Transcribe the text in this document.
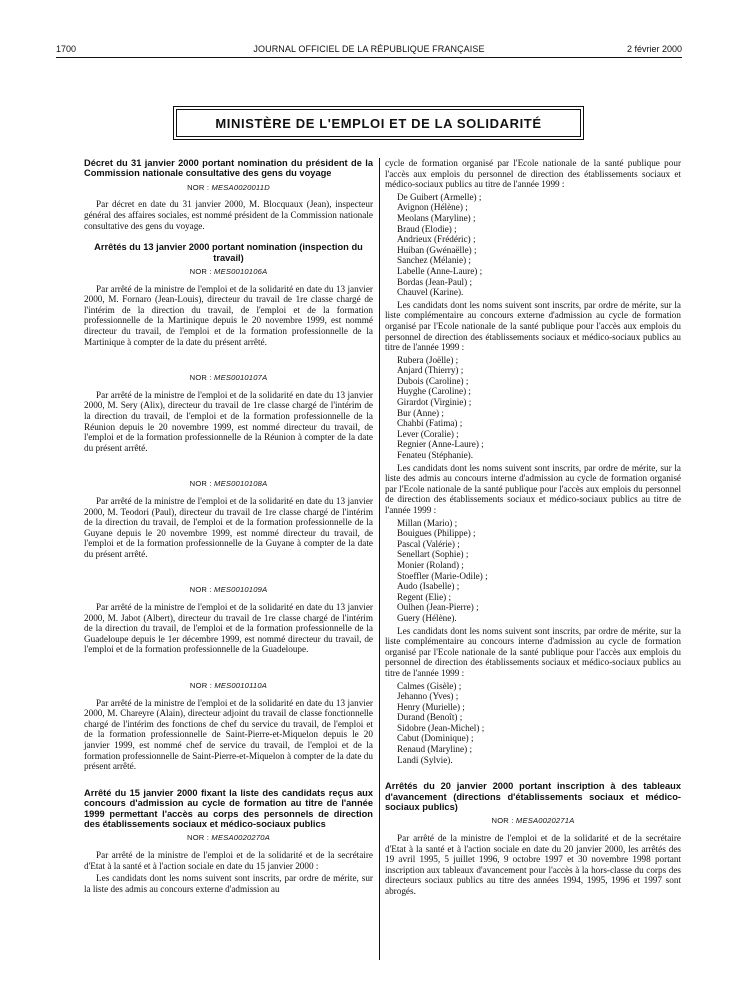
1700	JOURNAL OFFICIEL DE LA RÉPUBLIQUE FRANÇAISE	2 février 2000
MINISTÈRE DE L'EMPLOI ET DE LA SOLIDARITÉ
Décret du 31 janvier 2000 portant nomination du président de la Commission nationale consultative des gens du voyage
NOR : MESA0020011D

Par décret en date du 31 janvier 2000, M. Blocquaux (Jean), inspecteur général des affaires sociales, est nommé président de la Commission nationale consultative des gens du voyage.

Arrêtés du 13 janvier 2000 portant nomination (inspection du travail)
NOR : MES0010106A

Par arrêté de la ministre de l'emploi et de la solidarité en date du 13 janvier 2000, M. Fornaro (Jean-Louis), directeur du travail de 1re classe chargé de l'intérim de la direction du travail, de l'emploi et de la formation professionnelle de la Martinique depuis le 20 novembre 1999, est nommé directeur du travail, de l'emploi et de la formation professionnelle de la Martinique à compter de la date du présent arrêté.

NOR : MES0010107A

Par arrêté de la ministre de l'emploi et de la solidarité en date du 13 janvier 2000, M. Sery (Alix), directeur du travail de 1re classe chargé de l'intérim de la direction du travail, de l'emploi et de la formation professionnelle de la Réunion depuis le 20 novembre 1999, est nommé directeur du travail, de l'emploi et de la formation professionnelle de la Réunion à compter de la date du présent arrêté.

NOR : MES0010108A

Par arrêté de la ministre de l'emploi et de la solidarité en date du 13 janvier 2000, M. Teodori (Paul), directeur du travail de 1re classe chargé de l'intérim de la direction du travail, de l'emploi et de la formation professionnelle de la Guyane depuis le 20 novembre 1999, est nommé directeur du travail, de l'emploi et de la formation professionnelle de la Guyane à compter de la date du présent arrêté.

NOR : MES0010109A

Par arrêté de la ministre de l'emploi et de la solidarité en date du 13 janvier 2000, M. Jabot (Albert), directeur du travail de 1re classe chargé de l'intérim de la direction du travail, de l'emploi et de la formation professionnelle de la Guadeloupe depuis le 1er décembre 1999, est nommé directeur du travail, de l'emploi et de la formation professionnelle de la Guadeloupe.

NOR : MES0010110A

Par arrêté de la ministre de l'emploi et de la solidarité en date du 13 janvier 2000, M. Chareyre (Alain), directeur adjoint du travail de classe fonctionnelle chargé de l'intérim des fonctions de chef du service du travail, de l'emploi et de la formation professionnelle de Saint-Pierre-et-Miquelon depuis le 20 janvier 1999, est nommé chef de service du travail, de l'emploi et de la formation professionnelle de Saint-Pierre-et-Miquelon à compter de la date du présent arrêté.

Arrêté du 15 janvier 2000 fixant la liste des candidats reçus aux concours d'admission au cycle de formation au titre de l'année 1999 permettant l'accès au corps des personnels de direction des établissements sociaux et médico-sociaux publics
NOR : MESA0020270A

Par arrêté de la ministre de l'emploi et de la solidarité et de la secrétaire d'Etat à la santé et à l'action sociale en date du 15 janvier 2000 :

Les candidats dont les noms suivent sont inscrits, par ordre de mérite, sur la liste des admis au concours externe d'admission au

cycle de formation organisé par l'Ecole nationale de la santé publique pour l'accès aux emplois du personnel de direction des établissements sociaux et médico-sociaux publics au titre de l'année 1999 :

De Guibert (Armelle) ;
Avignon (Hélène) ;
Meolans (Maryline) ;
Braud (Elodie) ;
Andrieux (Frédéric) ;
Huiban (Gwénaëlle) ;
Sanchez (Mélanie) ;
Labelle (Anne-Laure) ;
Bordas (Jean-Paul) ;
Chauvel (Karine).

Les candidats dont les noms suivent sont inscrits, par ordre de mérite, sur la liste complémentaire au concours externe d'admission au cycle de formation organisé par l'Ecole nationale de la santé publique pour l'accès aux emplois du personnel de direction des établissements sociaux et médico-sociaux publics au titre de l'année 1999 :

Rubera (Joëlle) ;
Anjard (Thierry) ;
Dubois (Caroline) ;
Huyghe (Caroline) ;
Girardot (Virginie) ;
Bur (Anne) ;
Chahbi (Fatima) ;
Lever (Coralie) ;
Regnier (Anne-Laure) ;
Fenateu (Stéphanie).

Les candidats dont les noms suivent sont inscrits, par ordre de mérite, sur la liste des admis au concours interne d'admission au cycle de formation organisé par l'Ecole nationale de la santé publique pour l'accès aux emplois du personnel de direction des établissements sociaux et médico-sociaux publics au titre de l'année 1999 :

Millan (Mario) ;
Bouigues (Philippe) ;
Pascal (Valérie) ;
Senellart (Sophie) ;
Monier (Roland) ;
Stoeffler (Marie-Odile) ;
Audo (Isabelle) ;
Regent (Elie) ;
Oulhen (Jean-Pierre) ;
Guery (Hélène).

Les candidats dont les noms suivent sont inscrits, par ordre de mérite, sur la liste complémentaire au concours interne d'admission au cycle de formation organisé par l'Ecole nationale de la santé publique pour l'accès aux emplois du personnel de direction des établissements sociaux et médico-sociaux publics au titre de l'année 1999 :

Calmes (Gisèle) ;
Jehanno (Yves) ;
Henry (Murielle) ;
Durand (Benoît) ;
Sidobre (Jean-Michel) ;
Cabut (Dominique) ;
Renaud (Maryline) ;
Landi (Sylvie).
Arrêtés du 20 janvier 2000 portant inscription à des tableaux d'avancement (directions d'établissements sociaux et médico-sociaux publics)
NOR : MESA0020271A

Par arrêté de la ministre de l'emploi et de la solidarité et de la secrétaire d'Etat à la santé et à l'action sociale en date du 20 janvier 2000, les arrêtés des 19 avril 1995, 5 juillet 1996, 9 octobre 1997 et 30 novembre 1998 portant inscription aux tableaux d'avancement pour l'accès à la hors-classe du corps des directeurs sociaux publics au titre des années 1994, 1995, 1996 et 1997 sont abrogés.
